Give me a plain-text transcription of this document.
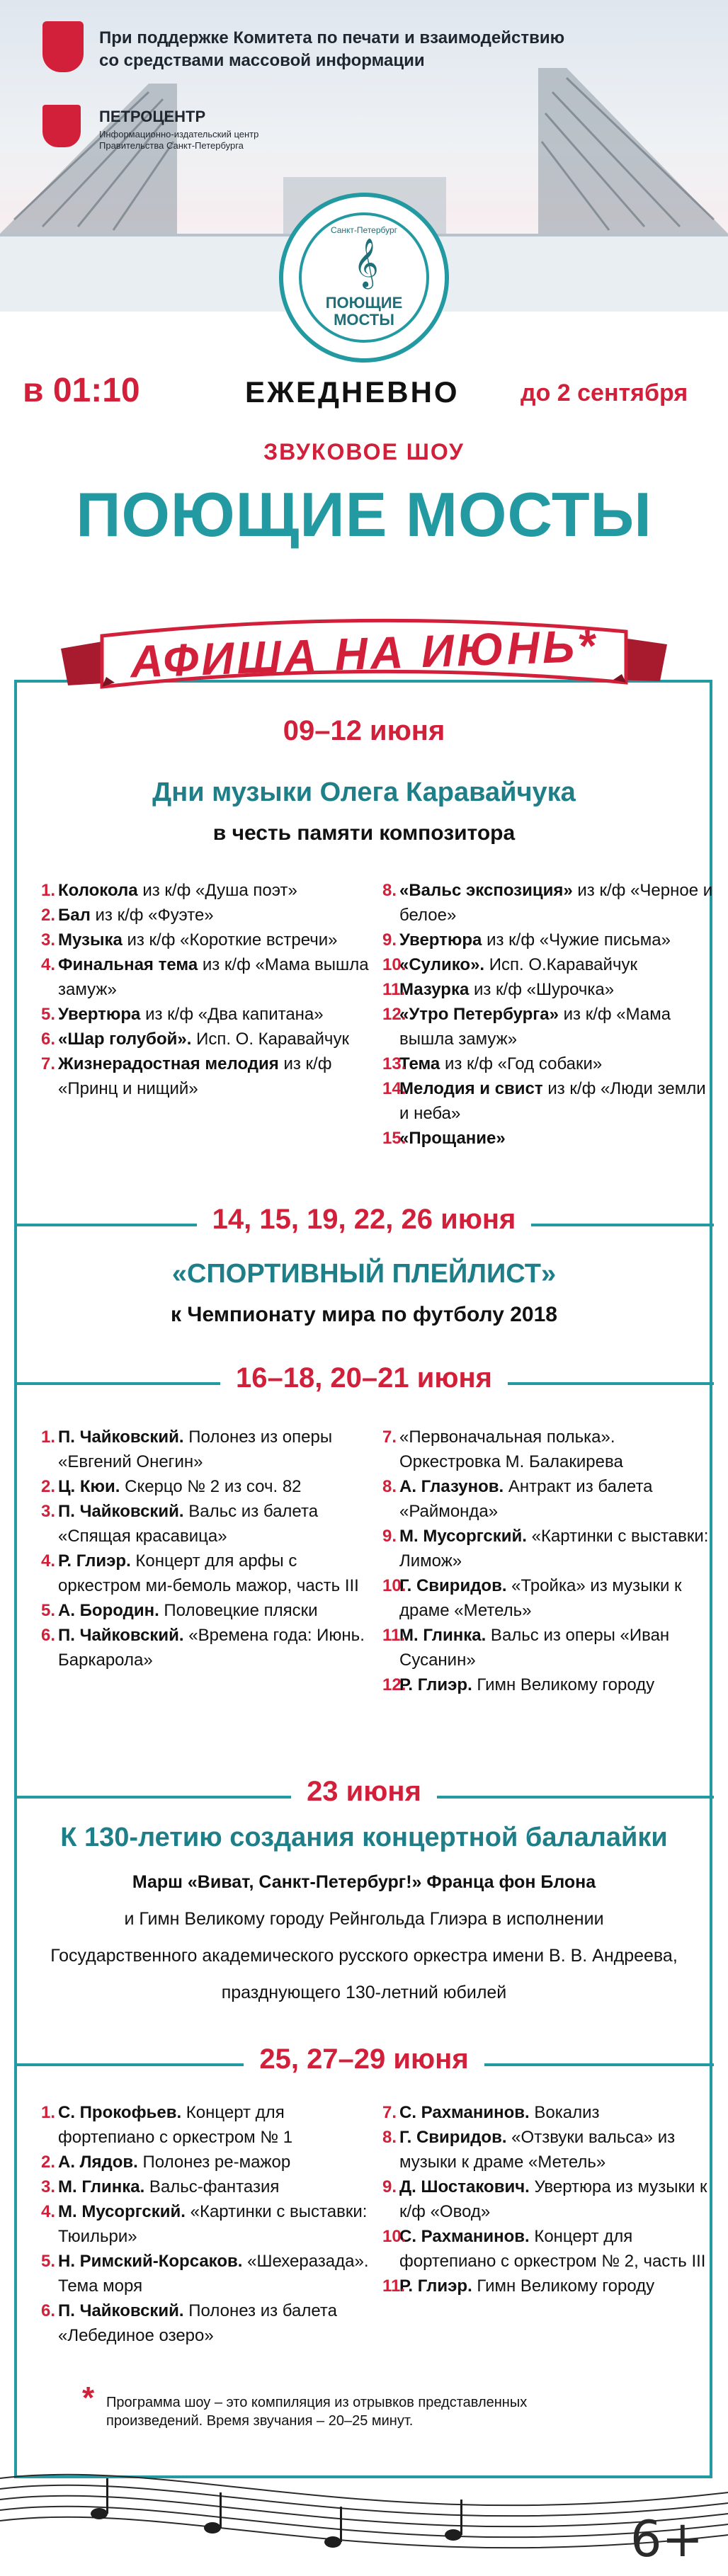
При поддержке Комитета по печати и взаимодействию
со средствами массовой информации
ПЕТРОЦЕНТР
Информационно-издательский центр
Правительства Санкт-Петербурга
Санкт-Петербург
𝄞
ПОЮЩИЕ
МОСТЫ
в 01:10	ЕЖЕДНЕВНО	до 2 сентября
ЗВУКОВОЕ ШОУ
ПОЮЩИЕ МОСТЫ
АФИША НА ИЮНЬ*
09–12 июня
Дни музыки Олега Каравайчука
в честь памяти композитора
1. Колокола из к/ф «Душа поэт»
2. Бал из к/ф «Фуэте»
3. Музыка из к/ф «Короткие встречи»
4. Финальная тема из к/ф «Мама вышла замуж»
5. Увертюра из к/ф «Два капитана»
6. «Шар голубой». Исп. О. Каравайчук
7. Жизнерадостная мелодия из к/ф «Принц и нищий»
8. «Вальс экспозиция» из к/ф «Черное и белое»
9. Увертюра из к/ф «Чужие письма»
10.
«Сулико». Исп. О.Каравайчук
11.
Мазурка из к/ф «Шурочка»
12.
«Утро Петербурга» из к/ф «Мама вышла замуж»
13.
Тема из к/ф «Год собаки»
14.
Мелодия и свист из к/ф «Люди земли и неба»
15.
«Прощание»
14, 15, 19, 22, 26 июня
«СПОРТИВНЫЙ ПЛЕЙЛИСТ»
к Чемпионату мира по футболу 2018
16–18, 20–21 июня
1. П. Чайковский. Полонез из оперы «Евгений Онегин»
2. Ц. Кюи. Скерцо № 2 из соч. 82
3. П. Чайковский. Вальс из балета «Спящая красавица»
4. Р. Глиэр. Концерт для арфы с оркестром ми-бемоль мажор, часть III
5. А. Бородин. Половецкие пляски
6. П. Чайковский. «Времена года: Июнь. Баркарола»
7. «Первоначальная полька». Оркестровка М. Балакирева
8. А. Глазунов. Антракт из балета «Раймонда»
9. М. Мусоргский. «Картинки с выставки: Лимож»
10.
Г. Свиридов. «Тройка» из музыки к драме «Метель»
11.
М. Глинка. Вальс из оперы «Иван Сусанин»
12.
Р. Глиэр. Гимн Великому городу
23 июня
К 130-летию создания концертной балалайки
Марш «Виват, Санкт-Петербург!» Франца фон Блона
и Гимн Великому городу Рейнгольда Глиэра в исполнении
Государственного академического русского оркестра имени В. В. Андреева,
празднующего 130-летний юбилей
25, 27–29 июня
1. С. Прокофьев. Концерт для фортепиано с оркестром № 1
2. А. Лядов. Полонез ре-мажор
3. М. Глинка. Вальс-фантазия
4. М. Мусоргский. «Картинки с выставки: Тюильри»
5. Н. Римский-Корсаков. «Шехеразада». Тема моря
6. П. Чайковский. Полонез из балета «Лебединое озеро»
7. С. Рахманинов. Вокализ
8. Г. Свиридов. «Отзвуки вальса» из музыки к драме «Метель»
9. Д. Шостакович. Увертюра из музыки к к/ф «Овод»
10.
С. Рахманинов. Концерт для фортепиано с оркестром № 2, часть III
11.
Р. Глиэр. Гимн Великому городу
* Программа шоу – это компиляция из отрывков представленных
произведений. Время звучания – 20–25 минут.
6+
